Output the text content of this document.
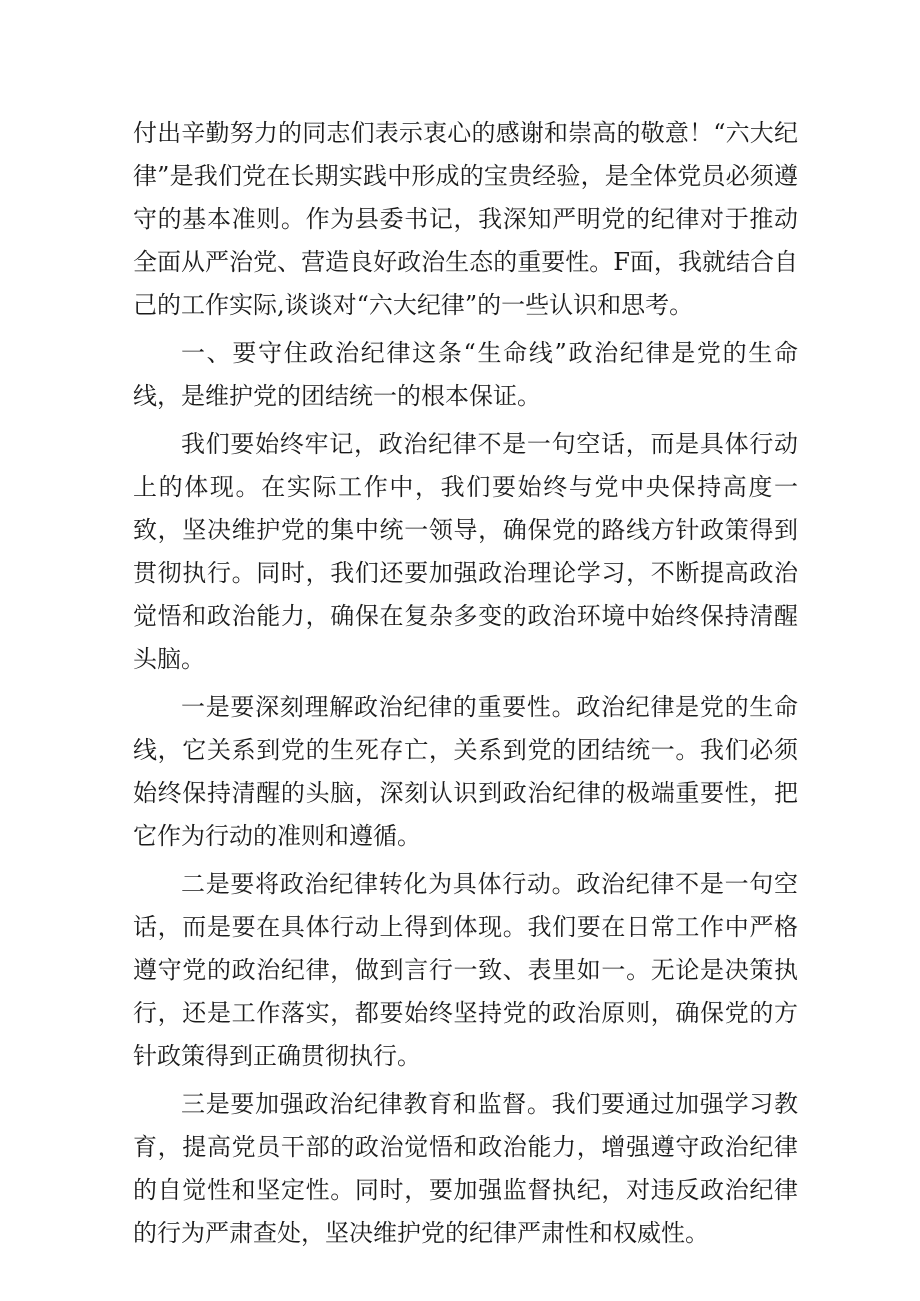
付出辛勤努力的同志们表示衷心的感谢和崇高的敬意！“六大纪律”是我们党在长期实践中形成的宝贵经验，是全体党员必须遵守的基本准则。作为县委书记，我深知严明党的纪律对于推动全面从严治党、营造良好政治生态的重要性。F面，我就结合自己的工作实际,谈谈对“六大纪律”的一些认识和思考。

一、要守住政治纪律这条“生命线”政治纪律是党的生命线，是维护党的团结统一的根本保证。

我们要始终牢记，政治纪律不是一句空话，而是具体行动上的体现。在实际工作中，我们要始终与党中央保持高度一致，坚决维护党的集中统一领导，确保党的路线方针政策得到贯彻执行。同时，我们还要加强政治理论学习，不断提高政治觉悟和政治能力，确保在复杂多变的政治环境中始终保持清醒头脑。

一是要深刻理解政治纪律的重要性。政治纪律是党的生命线，它关系到党的生死存亡，关系到党的团结统一。我们必须始终保持清醒的头脑，深刻认识到政治纪律的极端重要性，把它作为行动的准则和遵循。

二是要将政治纪律转化为具体行动。政治纪律不是一句空话，而是要在具体行动上得到体现。我们要在日常工作中严格遵守党的政治纪律，做到言行一致、表里如一。无论是决策执行，还是工作落实，都要始终坚持党的政治原则，确保党的方针政策得到正确贯彻执行。

三是要加强政治纪律教育和监督。我们要通过加强学习教育，提高党员干部的政治觉悟和政治能力，增强遵守政治纪律的自觉性和坚定性。同时，要加强监督执纪，对违反政治纪律的行为严肃查处，坚决维护党的纪律严肃性和权威性。
